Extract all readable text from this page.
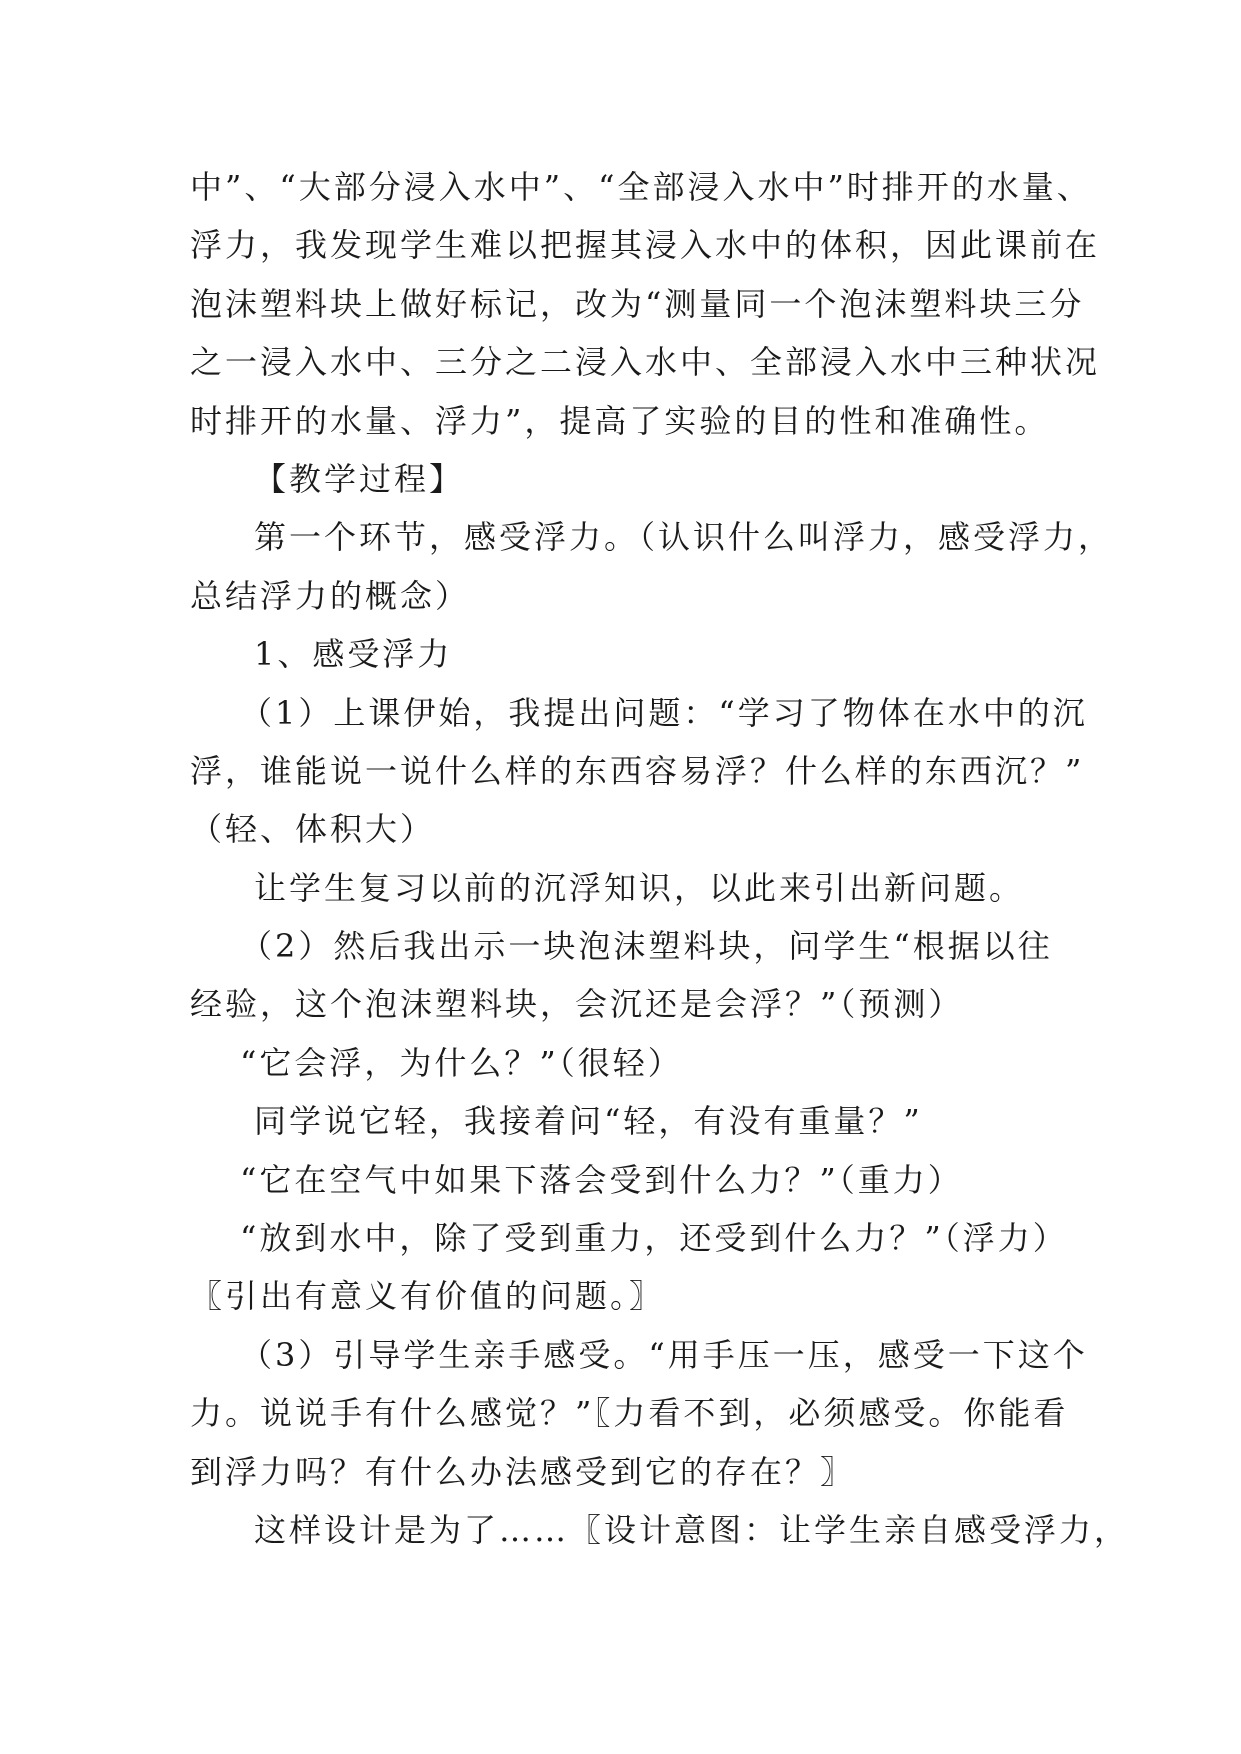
中”、“大部分浸入水中”、“全部浸入水中”时排开的水量、
浮力，我发现学生难以把握其浸入水中的体积，因此课前在
泡沫塑料块上做好标记，改为“测量同一个泡沫塑料块三分
之一浸入水中、三分之二浸入水中、全部浸入水中三种状况
时排开的水量、浮力”，提高了实验的目的性和准确性。
【教学过程】
第一个环节，感受浮力。（认识什么叫浮力，感受浮力，
总结浮力的概念）
1、感受浮力
（1）上课伊始，我提出问题：“学习了物体在水中的沉
浮，谁能说一说什么样的东西容易浮？什么样的东西沉？”
（轻、体积大）
让学生复习以前的沉浮知识，以此来引出新问题。
（2）然后我出示一块泡沫塑料块，问学生“根据以往
经验，这个泡沫塑料块，会沉还是会浮？”（预测）
“它会浮，为什么？”（很轻）
同学说它轻，我接着问“轻，有没有重量？”
“它在空气中如果下落会受到什么力？”（重力）
“放到水中，除了受到重力，还受到什么力？”（浮力）
〖引出有意义有价值的问题。〗
（3）引导学生亲手感受。“用手压一压，感受一下这个
力。说说手有什么感觉？”〖力看不到，必须感受。你能看
到浮力吗？有什么办法感受到它的存在？〗
这样设计是为了……〖设计意图：让学生亲自感受浮力，
